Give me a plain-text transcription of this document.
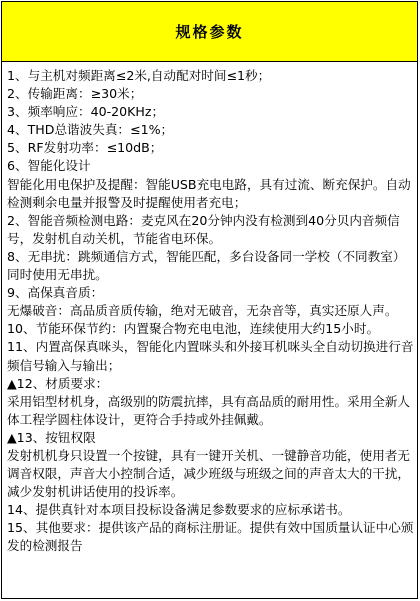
规格参数
1、与主机对频距离≤2米,自动配对时间≤1秒；
2、传输距离：≥30米；
3、频率响应：40-20KHz；
4、THD总谐波失真：≤1%；
5、RF发射功率：≤10dB；
6、智能化设计
智能化用电保护及提醒：智能USB充电电路，具有过流、断充保护。自动检测剩余电量并报警及时提醒使用者充电；
2、智能音频检测电路：麦克风在20分钟内没有检测到40分贝内音频信号，发射机自动关机，节能省电环保。
8、无串扰：跳频通信方式，智能匹配，多台设备同一学校（不同教室）同时使用无串扰。
9、高保真音质：
无爆破音：高品质音质传输，绝对无破音，无杂音等，真实还原人声。
10、节能环保节约：内置聚合物充电电池，连续使用大约15小时。
11、内置高保真咪头，智能化内置咪头和外接耳机咪头全自动切换进行音频信号输入与输出；
▲12、材质要求：
采用铝型材机身，高级别的防震抗摔，具有高品质的耐用性。采用全新人体工程学圆柱体设计，更符合手持或外挂佩戴。
▲13、按钮权限
发射机机身只设置一个按键，具有一键开关机、一键静音功能，使用者无调音权限，声音大小控制合适，减少班级与班级之间的声音太大的干扰，减少发射机讲话使用的投诉率。
14、提供真针对本项目投标设备满足参数要求的应标承诺书。
15、其他要求：提供该产品的商标注册证。提供有效中国质量认证中心颁发的检测报告
